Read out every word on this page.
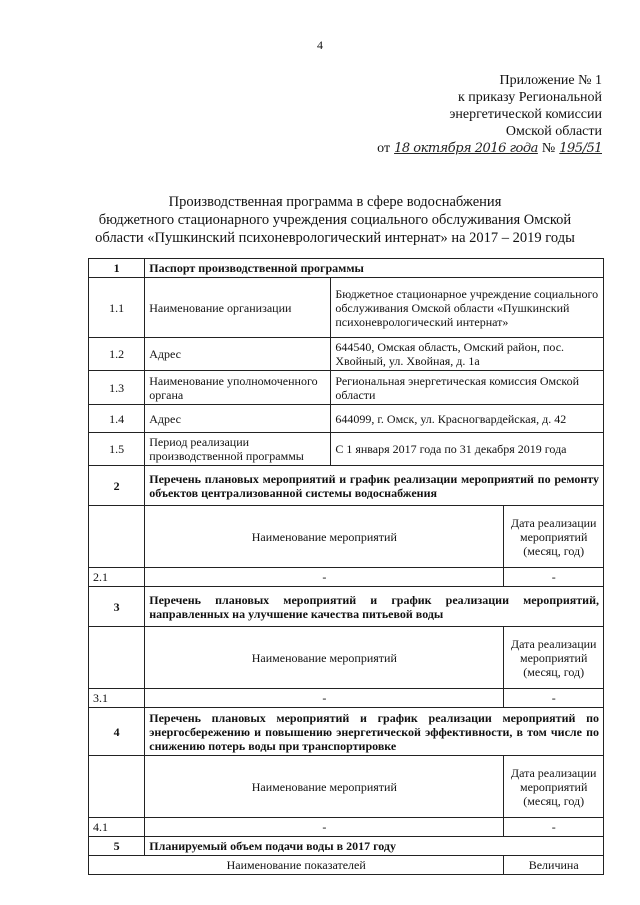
4
Приложение № 1
к приказу Региональной
энергетической комиссии
Омской области
от 18 октября 2016 года № 195/51
Производственная программа в сфере водоснабжения
бюджетного стационарного учреждения социального обслуживания Омской
области «Пушкинский психоневрологический интернат» на 2017 – 2019 годы
1	Паспорт производственной программы		
1.1	Наименование организации	Бюджетное стационарное учреждение социального обслуживания Омской области «Пушкинский психоневрологический интернат»	
1.2	Адрес	644540, Омская область, Омский район, пос. Хвойный, ул. Хвойная, д. 1а	
1.3	Наименование уполномоченного органа	Региональная энергетическая комиссия Омской области	
1.4	Адрес	644099, г. Омск, ул. Красногвардейская, д. 42	
1.5	Период реализации производственной программы	С 1 января 2017 года по 31 декабря 2019 года	
2	Перечень плановых мероприятий и график реализации мероприятий по ремонту объектов централизованной системы водоснабжения		
	Наименование мероприятий		Дата реализации мероприятий (месяц, год)
2.1	-		-
3	Перечень плановых мероприятий и график реализации мероприятий, направленных на улучшение качества питьевой воды		
	Наименование мероприятий		Дата реализации мероприятий (месяц, год)
3.1	-		-
4	Перечень плановых мероприятий и график реализации мероприятий по энергосбережению и повышению энергетической эффективности, в том числе по снижению потерь воды при транспортировке		
	Наименование мероприятий		Дата реализации мероприятий (месяц, год)
4.1	-		-
5	Планируемый объем подачи воды в 2017 году		
Наименование показателей			Величина
